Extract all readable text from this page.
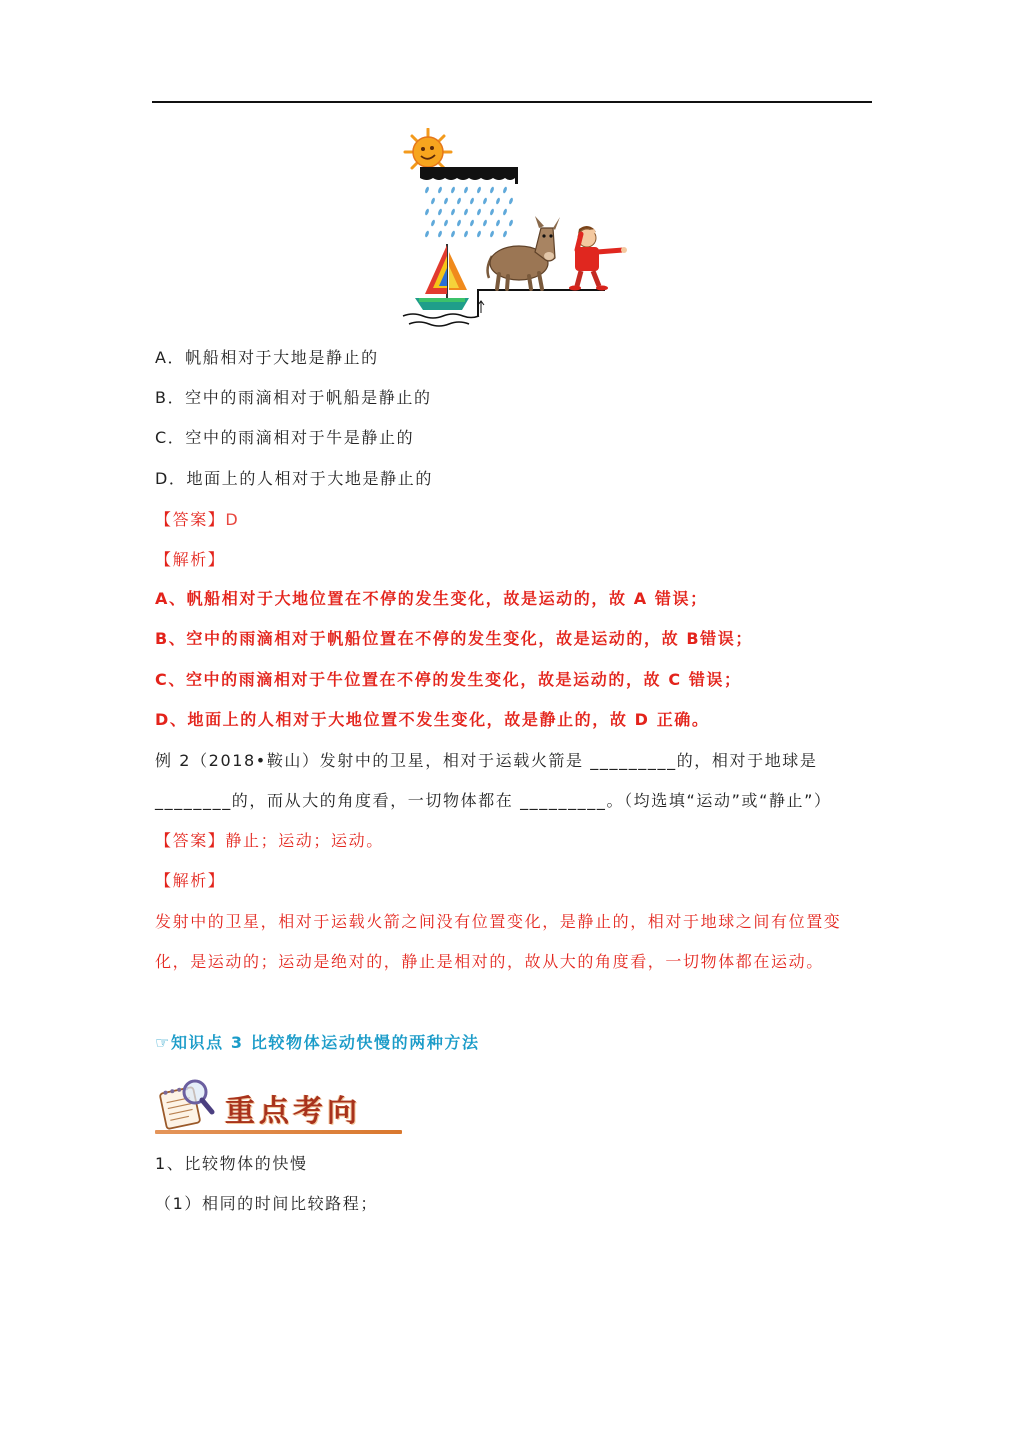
A．帆船相对于大地是静止的
B．空中的雨滴相对于帆船是静止的
C．空中的雨滴相对于牛是静止的
D．地面上的人相对于大地是静止的
【答案】D
【解析】
A、帆船相对于大地位置在不停的发生变化，故是运动的，故 A 错误；
B、空中的雨滴相对于帆船位置在不停的发生变化，故是运动的，故 B错误；
C、空中的雨滴相对于牛位置在不停的发生变化，故是运动的，故 C 错误；
D、地面上的人相对于大地位置不发生变化，故是静止的，故 D 正确。
例 2（2018•鞍山）发射中的卫星，相对于运载火箭是 _________的，相对于地球是
________的，而从大的角度看，一切物体都在 _________。（均选填“运动”或“静止”）
【答案】静止；运动；运动。
【解析】
发射中的卫星，相对于运载火箭之间没有位置变化，是静止的，相对于地球之间有位置变
化，是运动的；运动是绝对的，静止是相对的，故从大的角度看，一切物体都在运动。
☞知识点 3 比较物体运动快慢的两种方法
重点考向
1、比较物体的快慢
（1）相同的时间比较路程；
